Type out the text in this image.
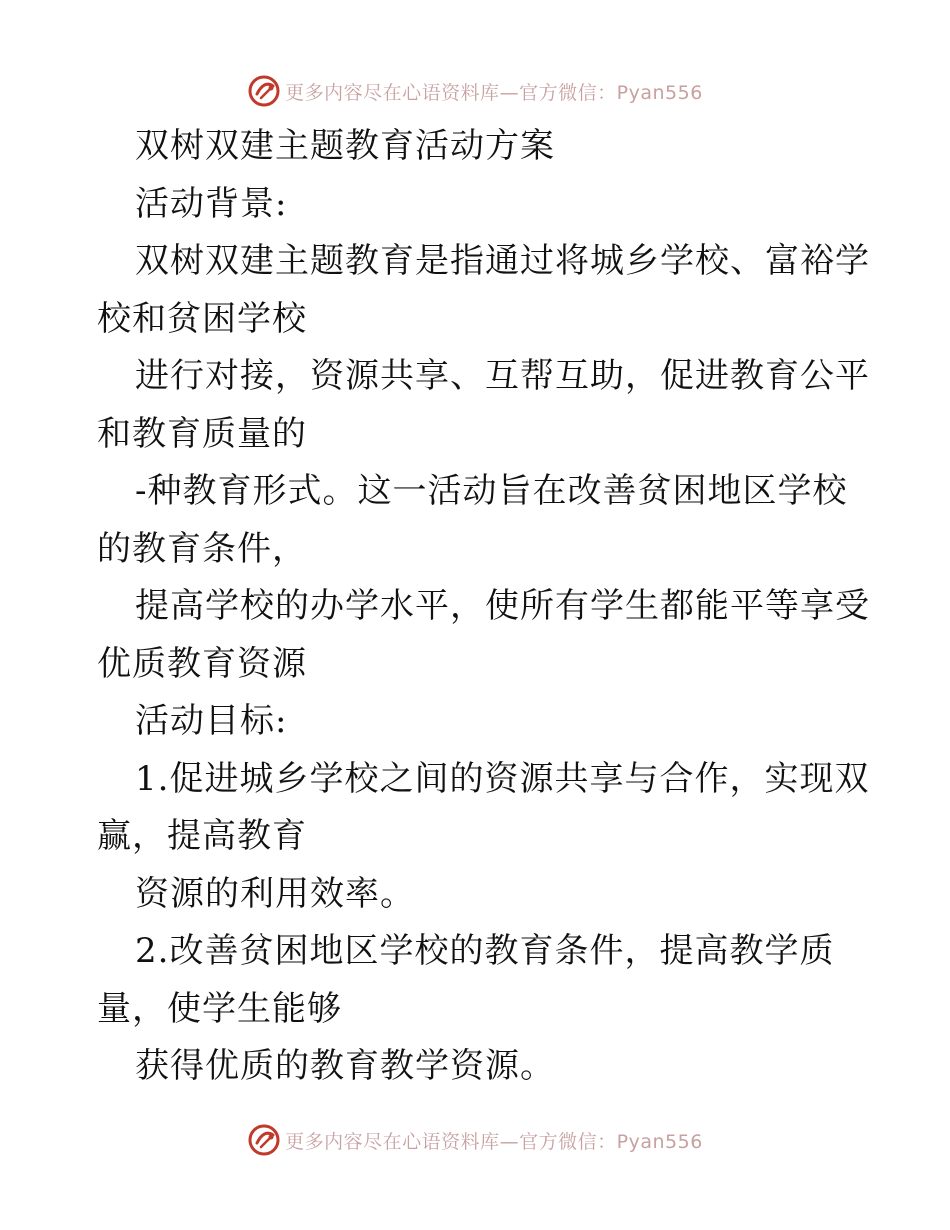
更多内容尽在心语资料库—官方微信：Pyan556
双树双建主题教育活动方案
活动背景:
双树双建主题教育是指通过将城乡学校、富裕学
校和贫困学校
进行对接，资源共享、互帮互助，促进教育公平
和教育质量的
-种教育形式。这一活动旨在改善贫困地区学校
的教育条件，
提高学校的办学水平，使所有学生都能平等享受
优质教育资源
活动目标:
1.促进城乡学校之间的资源共享与合作，实现双
赢，提高教育
资源的利用效率。
2.改善贫困地区学校的教育条件，提高教学质
量，使学生能够
获得优质的教育教学资源。
更多内容尽在心语资料库—官方微信：Pyan556
